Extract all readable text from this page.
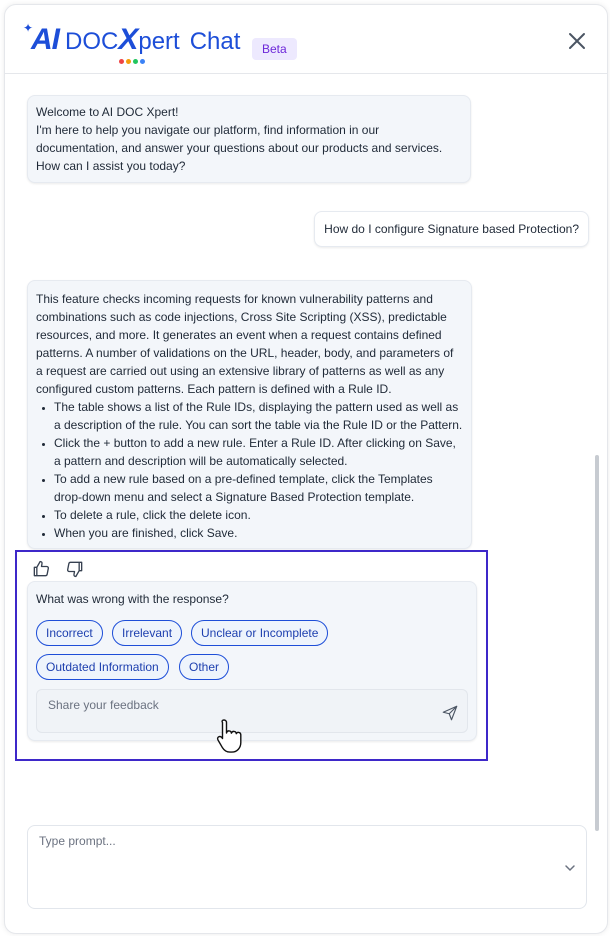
✦
AI DOC X pert Chat	Beta
Welcome to AI DOC Xpert!
I'm here to help you navigate our platform, find information in our documentation, and answer your questions about our products and services.
How can I assist you today?
How do I configure Signature based Protection?
This feature checks incoming requests for known vulnerability patterns and combinations such as code injections, Cross Site Scripting (XSS), predictable resources, and more. It generates an event when a request contains defined patterns. A number of validations on the URL, header, body, and parameters of a request are carried out using an extensive library of patterns as well as any configured custom patterns. Each pattern is defined with a Rule ID.
• The table shows a list of the Rule IDs, displaying the pattern used as well as a description of the rule. You can sort the table via the Rule ID or the Pattern.
• Click the + button to add a new rule. Enter a Rule ID. After clicking on Save, a pattern and description will be automatically selected.
• To add a new rule based on a pre-defined template, click the Templates drop-down menu and select a Signature Based Protection template.
• To delete a rule, click the delete icon.
• When you are finished, click Save.
What was wrong with the response?
Incorrect	Irrelevant	Unclear or Incomplete
Outdated Information	Other
Share your feedback
Type prompt...
